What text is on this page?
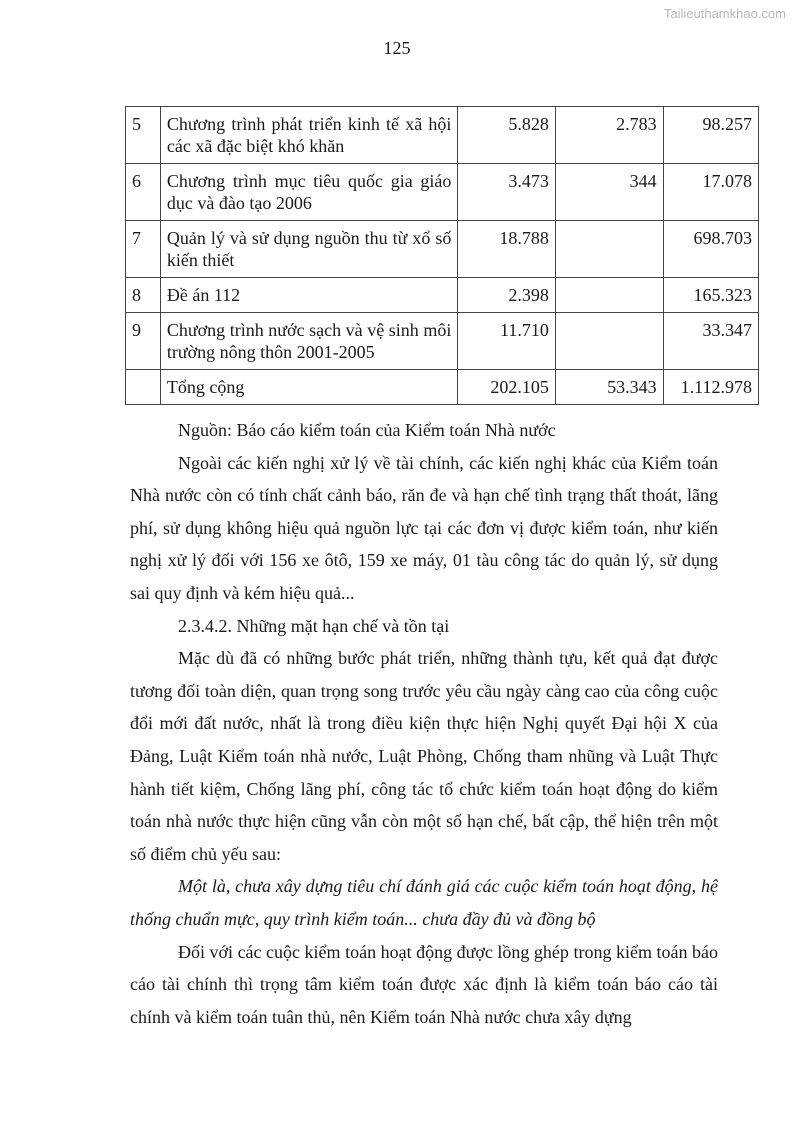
Tailieuthamkhao.com
125
5	Chương trình phát triển kinh tế xã hội các xã đặc biệt khó khăn	5.828	2.783	98.257
6	Chương trình mục tiêu quốc gia giáo dục và đào tạo 2006	3.473	344	17.078
7	Quản lý và sử dụng nguồn thu từ xổ số kiến thiết	18.788		698.703
8	Đề án 112	2.398		165.323
9	Chương trình nước sạch và vệ sinh môi trường nông thôn 2001-2005	11.710		33.347
	Tổng cộng	202.105	53.343	1.112.978

Nguồn: Báo cáo kiểm toán của Kiểm toán Nhà nước

Ngoài các kiến nghị xử lý về tài chính, các kiến nghị khác của Kiểm toán Nhà nước còn có tính chất cảnh báo, răn đe và hạn chế tình trạng thất thoát, lãng phí, sử dụng không hiệu quả nguồn lực tại các đơn vị được kiểm toán, như kiến nghị xử lý đối với 156 xe ôtô, 159 xe máy, 01 tàu công tác do quản lý, sử dụng sai quy định và kém hiệu quả...

2.3.4.2. Những mặt hạn chế và tồn tại

Mặc dù đã có những bước phát triển, những thành tựu, kết quả đạt được tương đối toàn diện, quan trọng song trước yêu cầu ngày càng cao của công cuộc đổi mới đất nước, nhất là trong điều kiện thực hiện Nghị quyết Đại hội X của Đảng, Luật Kiểm toán nhà nước, Luật Phòng, Chống tham nhũng và Luật Thực hành tiết kiệm, Chống lãng phí, công tác tổ chức kiểm toán hoạt động do kiểm toán nhà nước thực hiện cũng vẫn còn một số hạn chế, bất cập, thể hiện trên một số điểm chủ yếu sau:

Một là, chưa xây dựng tiêu chí đánh giá các cuộc kiểm toán hoạt động, hệ thống chuẩn mực, quy trình kiểm toán... chưa đầy đủ và đồng bộ

Đối với các cuộc kiểm toán hoạt động được lồng ghép trong kiểm toán báo cáo tài chính thì trọng tâm kiểm toán được xác định là kiểm toán báo cáo tài chính và kiểm toán tuân thủ, nên Kiểm toán Nhà nước chưa xây dựng
